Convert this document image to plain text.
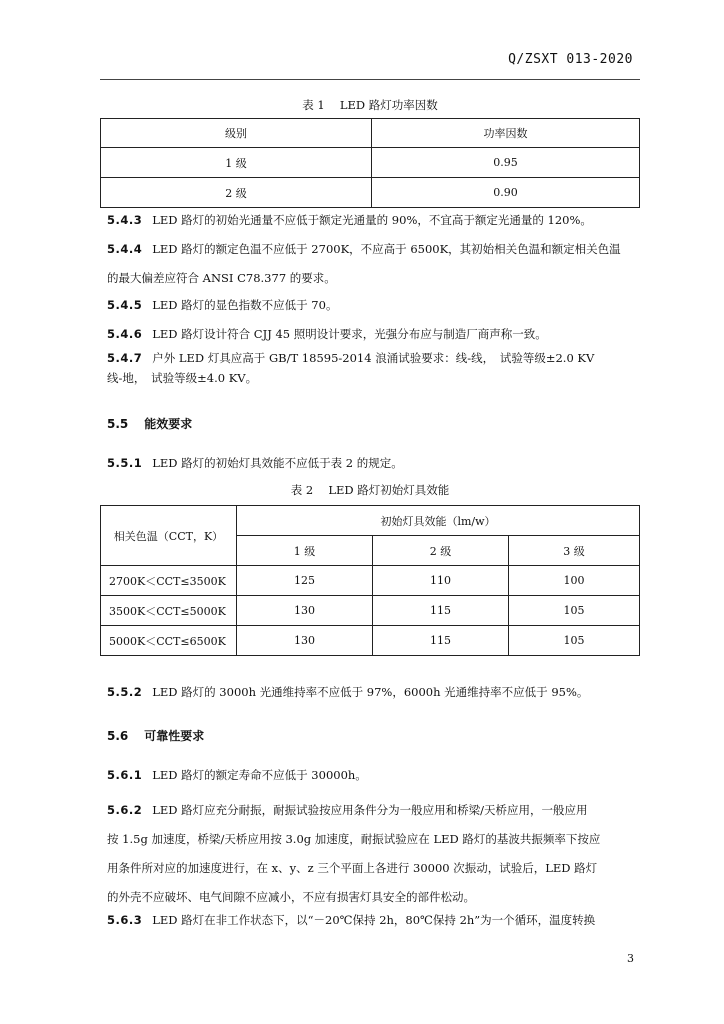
Q/ZSXT 013-2020
表 1　 LED 路灯功率因数
级别	功率因数
1 级	0.95
2 级	0.90
5.4.3 LED 路灯的初始光通量不应低于额定光通量的 90%，不宜高于额定光通量的 120%。
5.4.4 LED 路灯的额定色温不应低于 2700K，不应高于 6500K，其初始相关色温和额定相关色温
的最大偏差应符合 ANSI C78.377 的要求。
5.4.5 LED 路灯的显色指数不应低于 70。
5.4.6 LED 路灯设计符合 CJJ 45 照明设计要求，光强分布应与制造厂商声称一致。
5.4.7 户外 LED 灯具应高于 GB/T 18595-2014 浪涌试验要求：线-线，　试验等级±2.0 KV
线-地，　试验等级±4.0 KV。
5.5 能效要求
5.5.1 LED 路灯的初始灯具效能不应低于表 2 的规定。
表 2　 LED 路灯初始灯具效能
相关色温（CCT，K）	初始灯具效能（lm/w）		
	1 级	2 级	3 级
2700K＜CCT≤3500K	125	110	100
3500K＜CCT≤5000K	130	115	105
5000K＜CCT≤6500K	130	115	105
5.5.2 LED 路灯的 3000h 光通维持率不应低于 97%，6000h 光通维持率不应低于 95%。
5.6 可靠性要求
5.6.1 LED 路灯的额定寿命不应低于 30000h。
5.6.2 LED 路灯应充分耐振，耐振试验按应用条件分为一般应用和桥梁/天桥应用，一般应用
按 1.5g 加速度，桥梁/天桥应用按 3.0g 加速度，耐振试验应在 LED 路灯的基波共振频率下按应
用条件所对应的加速度进行，在 x、y、z 三个平面上各进行 30000 次振动，试验后，LED 路灯
的外壳不应破坏、电气间隙不应减小，不应有损害灯具安全的部件松动。
5.6.3 LED 路灯在非工作状态下，以“－20℃保持 2h，80℃保持 2h”为一个循环，温度转换
3
